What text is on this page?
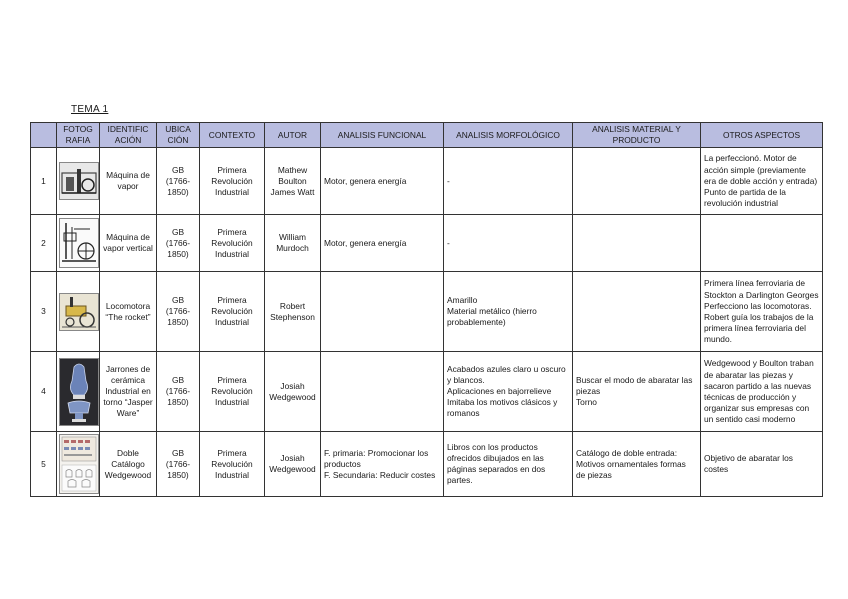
TEMA 1
	FOTOG RAFIA	IDENTIFIC ACIÓN	UBICA CIÓN	CONTEXTO	AUTOR	ANALISIS FUNCIONAL	ANALISIS MORFOLÓGICO	ANALISIS MATERIAL Y PRODUCTO	OTROS ASPECTOS
1		Máquina de vapor	GB (1766-1850)	Primera Revolución Industrial	Mathew Boulton James Watt	Motor, genera energía	-		La perfeccionó. Motor de acción simple (previamente era de doble acción y entrada) Punto de partida de la revolución industrial
2		Máquina de vapor vertical	GB (1766-1850)	Primera Revolución Industrial	William Murdoch	Motor, genera energía	-		
3		Locomotora “The rocket”	GB (1766-1850)	Primera Revolución Industrial	Robert Stephenson		Amarillo
Material metálico (hierro probablemente)		Primera línea ferroviaria de Stockton a Darlington Georges Perfecciono las locomotoras.
Robert guía los trabajos de la primera línea ferroviaria del mundo.
4		Jarrones de cerámica Industrial en torno “Jasper Ware”	GB (1766-1850)	Primera Revolución Industrial	Josiah Wedgewood		Acabados azules claro u oscuro y blancos.
Aplicaciones en bajorrelieve
Imitaba los motivos clásicos y romanos	Buscar el modo de abaratar las piezas
Torno	Wedgewood y Boulton traban de abaratar las piezas y sacaron partido a las nuevas técnicas de producción y organizar sus empresas con un sentido casi moderno
5		Doble Catálogo Wedgewood	GB (1766-1850)	Primera Revolución Industrial	Josiah Wedgewood	F. primaria: Promocionar los productos
F. Secundaria: Reducir costes	Libros con los productos ofrecidos dibujados en las páginas separados en dos partes.	Catálogo de doble entrada: Motivos ornamentales formas de piezas	Objetivo de abaratar los costes
